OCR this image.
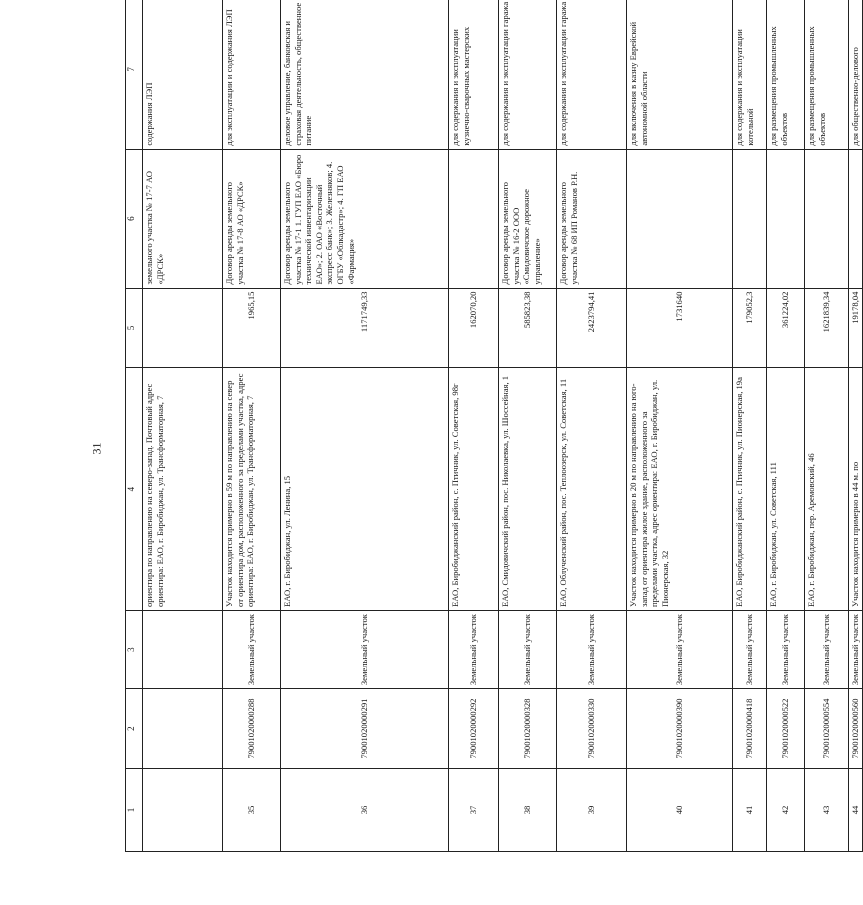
31
1	2	3	4	5	6	7
			ориентира по направлению на северо-запад. Почтовый адрес ориентира: ЕАО, г. Биробиджан, ул. Трансформаторная, 7		земельного участка № 17-7 АО «ДРСК»	содержания ЛЭП
35	79001020000288	Земельный участок	Участок находится примерно в 59 м по направлению на север от ориентира дом, расположенного за пределами участка, адрес ориентира: ЕАО, г. Биробиджан, ул. Трансформаторная, 7	1965,15	Договор аренды земельного участка № 17-8 АО «ДРСК»	для эксплуатации и содержания ЛЭП
36	79001020000291	Земельный участок	ЕАО, г. Биробиджан, ул. Ленина, 15	1171749,33	Договор аренды земельного участка № 17-1 1. ГУП ЕАО «Бюро технической инвентаризации ЕАО»; 2. ОАО «Восточный экспресс банк»; 3. Железняков; 4. ОГБУ «Облкадастр»; 4. ГП ЕАО «Фармация»	деловое управление, банковская и страховая деятельность, общественное питание
37	79001020000292	Земельный участок	ЕАО, Биробиджанский район, с. Птичник, ул. Советская, 98г	162070,20		для содержания и эксплуатации кузнечно-сварочных мастерских
38	79001020000328	Земельный участок	ЕАО, Смидовичский район, пос. Николаевка, ул. Шоссейная, 1	585823,38	Договор аренды земельного участка № 16-2 ООО «Смидовичское дорожное управление»	для содержания и эксплуатации гаража
39	79001020000330	Земельный участок	ЕАО, Облученский район, пос. Теплоозерск, ул. Советская, 11	2423794,41	Договор аренды земельного участка № 68 ИП Романов Р.Н.	для содержания и эксплуатации гаража
40	79001020000390	Земельный участок	Участок находится примерно в 20 м по направлению на юго-запад от ориентира жилое здание, расположенного за пределами участка, адрес ориентира: ЕАО, г. Биробиджан, ул. Пионерская, 32	1731640		для включения в казну Еврейской автономной области
41	79001020000418	Земельный участок	ЕАО, Биробиджанский район, с. Птичник, ул. Пионерская, 19а	179052,3		для содержания и эксплуатации котельной
42	79001020000522	Земельный участок	ЕАО, г. Биробиджан, ул. Советская, 111	361224,02		для размещения промышленных объектов
43	79001020000554	Земельный участок	ЕАО, г. Биробиджан, пер. Аремовский, 46	1621839,34		для размещения промышленных объектов
44	79001020000560	Земельный участок	Участок находится примерно в 44 м. по	19178,04		для общественно-делового
